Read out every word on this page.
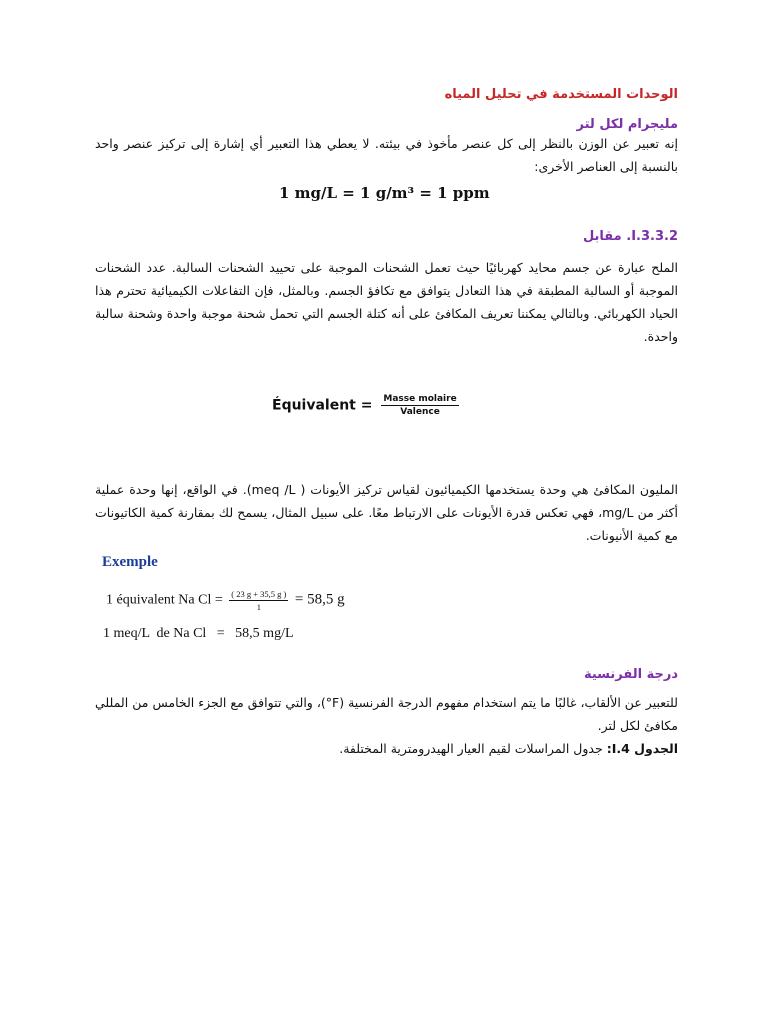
الوحدات المستخدمة في تحليل المياه
مليجرام لكل لتر
إنه تعبير عن الوزن بالنظر إلى كل عنصر مأخوذ في بيئته. لا يعطي هذا التعبير أي إشارة إلى تركيز عنصر واحد بالنسبة إلى العناصر الأخرى:
1 mg/L = 1 g/m³ = 1 ppm
I.3.3.2. مقابل
الملح عبارة عن جسم محايد كهربائيًا حيث تعمل الشحنات الموجبة على تحييد الشحنات السالبة. عدد الشحنات الموجبة أو السالبة المطبقة في هذا التعادل يتوافق مع تكافؤ الجسم. وبالمثل، فإن التفاعلات الكيميائية تحترم هذا الحياد الكهربائي. وبالتالي يمكننا تعريف المكافئ على أنه كتلة الجسم التي تحمل شحنة موجبة واحدة وشحنة سالبة واحدة.
Équivalent = $\frac{\text{Masse molaire}}{\text{Valence}}$
المليون المكافئ هي وحدة يستخدمها الكيميائيون لقياس تركيز الأيونات ( meq /L). في الواقع، إنها وحدة عملية أكثر من mg/L، فهي تعكس قدرة الأيونات على الارتباط معًا. على سبيل المثال، يسمح لك بمقارنة كمية الكاتيونات مع كمية الأنيونات.
Exemple
1 équivalent Na $Cl = \frac{( 23 g + 35,5 g )}{1} = 58,5$ g
1 meq/L  de Na Cl   =   58,5 mg/L
درجة الفرنسية
للتعبير عن الألقاب، غالبًا ما يتم استخدام مفهوم الدرجة الفرنسية (F°)، والتي تتوافق مع الجزء الخامس من المللي مكافئ لكل لتر.
الجدول I.4: جدول المراسلات لقيم العيار الهيدرومترية المختلفة.
